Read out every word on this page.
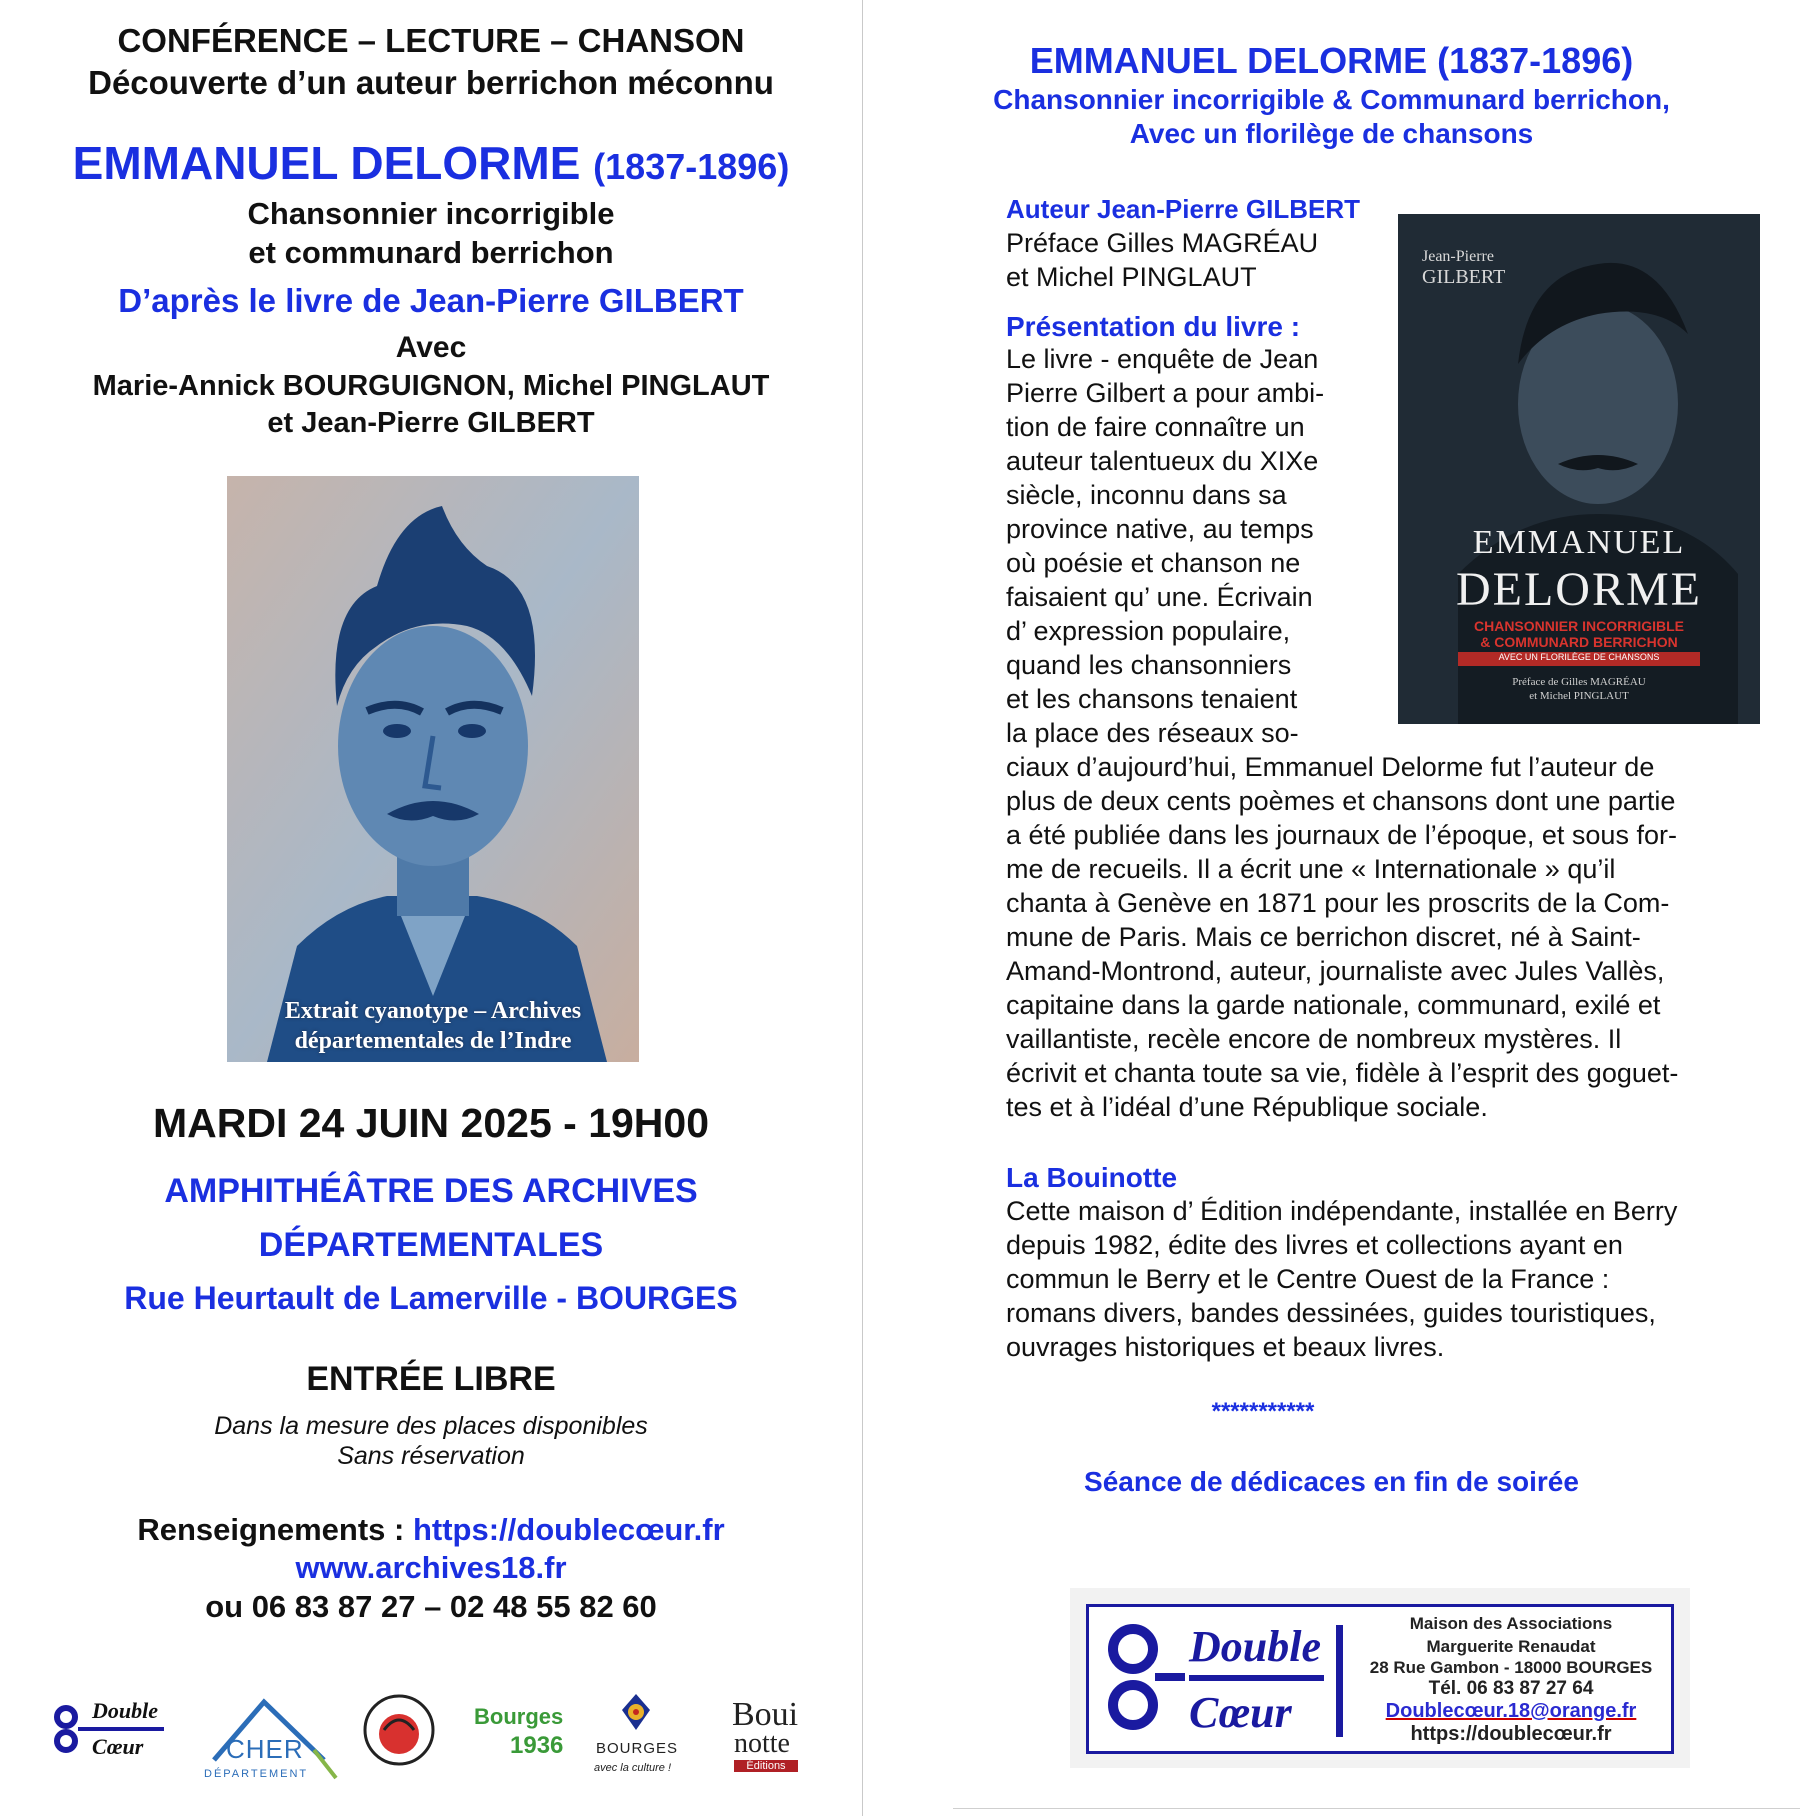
CONFÉRENCE – LECTURE – CHANSON
Découverte d’un auteur berrichon méconnu
EMMANUEL DELORME (1837-1896)
Chansonnier incorrigible
et communard berrichon
D’après le livre de Jean-Pierre GILBERT
Avec
Marie-Annick BOURGUIGNON, Michel PINGLAUT
et Jean-Pierre GILBERT
Extrait cyanotype – Archives
départementales de l’Indre
MARDI 24 JUIN 2025 - 19H00
AMPHITHÉÂTRE DES ARCHIVES
DÉPARTEMENTALES
Rue Heurtault de Lamerville - BOURGES
ENTRÉE LIBRE
Dans la mesure des places disponibles
Sans réservation
Renseignements : https://doublecœur.fr
www.archives18.fr
ou 06 83 87 27 – 02 48 55 82 60
Double
Cœur	CHER
DÉPARTEMENT
Bourges
1936 BOURGES
avec la culture !
Boui
notte
Éditions
EMMANUEL DELORME (1837-1896)
Chansonnier incorrigible & Communard berrichon,
Avec un florilège de chansons
Auteur Jean-Pierre GILBERT
Préface Gilles MAGRÉAU
et Michel PINGLAUT
Présentation du livre :
Jean-Pierre
GILBERT
EMMANUEL
DELORME
CHANSONNIER INCORRIGIBLE
& COMMUNARD BERRICHON
AVEC UN FLORILÈGE DE CHANSONS
Préface de Gilles MAGRÉAU
et Michel PINGLAUT
Le livre - enquête de Jean
Pierre Gilbert a pour ambi-
tion de faire connaître un
auteur talentueux du XIXe
siècle, inconnu dans sa
province native, au temps
où poésie et chanson ne
faisaient qu’ une. Écrivain
d’ expression populaire,
quand les chansonniers
et les chansons tenaient
la place des réseaux so-
ciaux d’aujourd’hui, Emmanuel Delorme fut l’auteur de
plus de deux cents poèmes et chansons dont une partie
a été publiée dans les journaux de l’époque, et sous for-
me de recueils. Il a écrit une « Internationale » qu’il
chanta à Genève en 1871 pour les proscrits de la Com-
mune de Paris. Mais ce berrichon discret, né à Saint-
Amand-Montrond, auteur, journaliste avec Jules Vallès,
capitaine dans la garde nationale, communard, exilé et
vaillantiste, recèle encore de nombreux mystères. Il
écrivit et chanta toute sa vie, fidèle à l’esprit des goguet-
tes et à l’idéal d’une République sociale.
La Bouinotte
Cette maison d’ Édition indépendante, installée en Berry
depuis 1982, édite des livres et collections ayant en
commun le Berry et le Centre Ouest de la France :
romans divers, bandes dessinées, guides touristiques,
ouvrages historiques et beaux livres.
***********
Séance de dédicaces en fin de soirée
Double
Cœur
Maison des Associations
Marguerite Renaudat
28 Rue Gambon - 18000 BOURGES
Tél. 06 83 87 27 64
Doublecœur.18@orange.fr
https://doublecœur.fr
